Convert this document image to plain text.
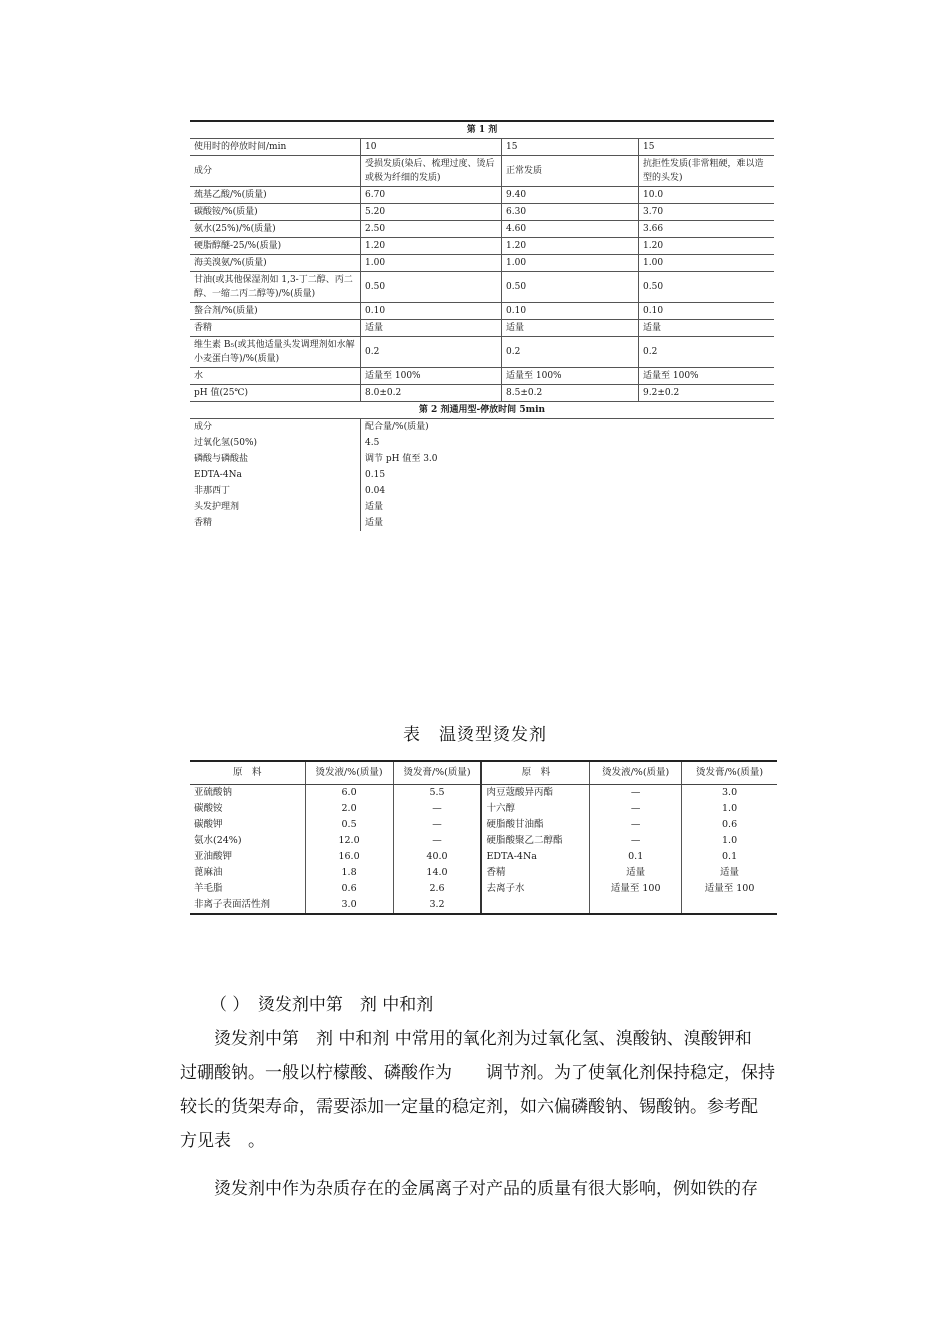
第 1 剂			
使用时的停放时间/min	10	15	15
成分	受损发质(染后、梳理过度、烫后或极为纤细的发质)	正常发质	抗拒性发质(非常粗硬，难以造型的头发)
巯基乙酸/%(质量)	6.70	9.40	10.0
碳酸铵/%(质量)	5.20	6.30	3.70
氨水(25%)/%(质量)	2.50	4.60	3.66
硬脂醇醚-25/%(质量)	1.20	1.20	1.20
海美溴氨/%(质量)	1.00	1.00	1.00
甘油(或其他保湿剂如 1,3-丁二醇、丙二醇、一缩二丙二醇等)/%(质量)	0.50	0.50	0.50
螯合剂/%(质量)	0.10	0.10	0.10
香精	适量	适量	适量
维生素 B₅(或其他适量头发调理剂如水解小麦蛋白等)/%(质量)	0.2	0.2	0.2
水	适量至 100%	适量至 100%	适量至 100%
pH 值(25℃)	8.0±0.2	8.5±0.2	9.2±0.2
第 2 剂通用型-停放时间 5min			
成分	配合量/%(质量)		
过氧化氢(50%)	4.5		
磷酸与磷酸盐	调节 pH 值至 3.0		
EDTA-4Na	0.15		
非那西丁	0.04		
头发护理剂	适量		
香精	适量		
表　温烫型烫发剂
原　料	烫发液/%(质量)	烫发膏/%(质量)	原　料	烫发液/%(质量)	烫发膏/%(质量)
亚硫酸钠	6.0	5.5	肉豆蔻酸异丙酯	—	3.0
碳酸铵	2.0	—	十六醇	—	1.0
碳酸钾	0.5	—	硬脂酸甘油酯	—	0.6
氨水(24%)	12.0	—	硬脂酸聚乙二醇酯	—	1.0
亚油酸钾	16.0	40.0	EDTA-4Na	0.1	0.1
蓖麻油	1.8	14.0	香精	适量	适量
羊毛脂	0.6	2.6	去离子水	适量至 100	适量至 100
非离子表面活性剂	3.0	3.2			
（ ）　烫发剂中第　剂 中和剂
　　烫发剂中第　剂 中和剂 中常用的氧化剂为过氧化氢、溴酸钠、溴酸钾和
过硼酸钠。一般以柠檬酸、磷酸作为　　调节剂。为了使氧化剂保持稳定，保持
较长的货架寿命，需要添加一定量的稳定剂，如六偏磷酸钠、锡酸钠。参考配
方见表　。
　　烫发剂中作为杂质存在的金属离子对产品的质量有很大影响，例如铁的存
